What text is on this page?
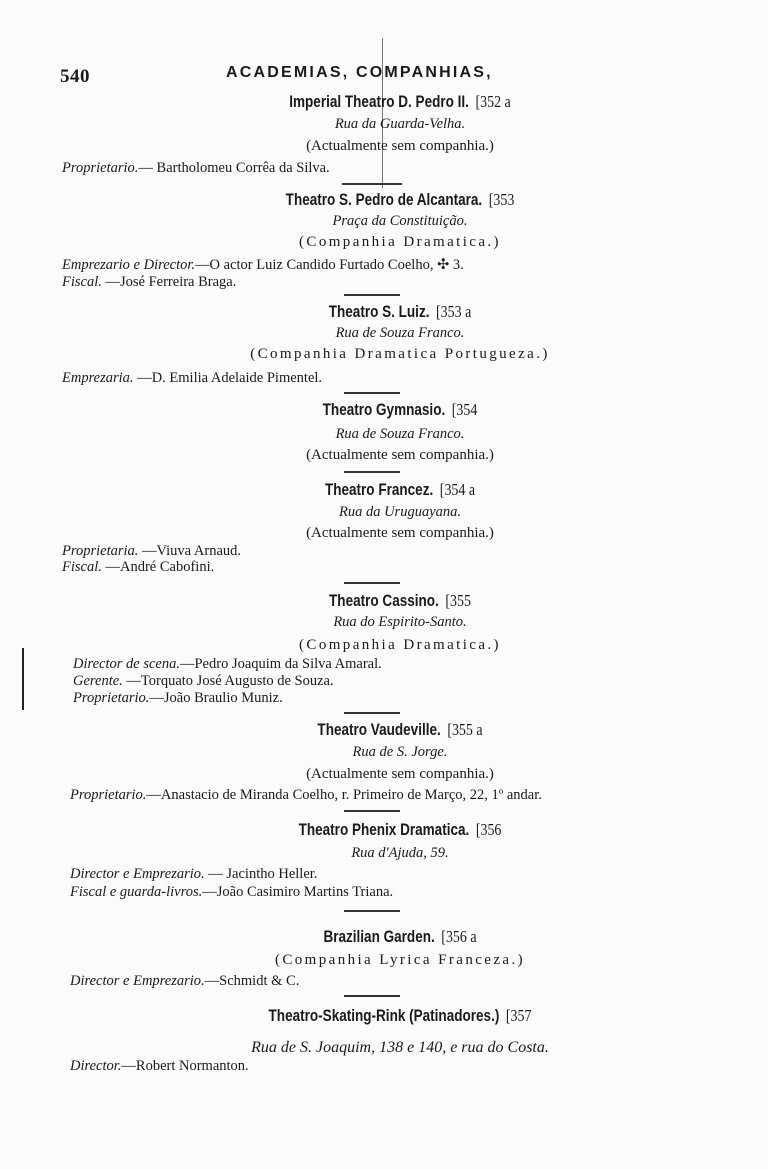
540	ACADEMIAS, COMPANHIAS,
Imperial Theatro D. Pedro II. [352 a
Rua da Guarda-Velha.
(Actualmente sem companhia.)
Proprietario.— Bartholomeu Corrêa da Silva.
Theatro S. Pedro de Alcantara. [353
Praça da Constituição.
(Companhia Dramatica.)
Emprezario e Director.—O actor Luiz Candido Furtado Coelho, ✣ 3.
Fiscal. —José Ferreira Braga.
Theatro S. Luiz. [353 a
Rua de Souza Franco.
(Companhia Dramatica Portugueza.)
Emprezaria. —D. Emilia Adelaide Pimentel.
Theatro Gymnasio. [354
Rua de Souza Franco.
(Actualmente sem companhia.)
Theatro Francez. [354 a
Rua da Uruguayana.
(Actualmente sem companhia.)
Proprietaria. —Viuva Arnaud.
Fiscal. —André Cabofini.
Theatro Cassino. [355
Rua do Espirito-Santo.
(Companhia Dramatica.)
Director de scena.—Pedro Joaquim da Silva Amaral.
Gerente. —Torquato José Augusto de Souza.
Proprietario.—João Braulio Muniz.
Theatro Vaudeville. [355 a
Rua de S. Jorge.
(Actualmente sem companhia.)
Proprietario.—Anastacio de Miranda Coelho, r. Primeiro de Março, 22, 1º andar.
Theatro Phenix Dramatica. [356
Rua d'Ajuda, 59.
Director e Emprezario. — Jacintho Heller.
Fiscal e guarda-livros.—João Casimiro Martins Triana.
Brazilian Garden. [356 a
(Companhia Lyrica Franceza.)
Director e Emprezario.—Schmidt & C.
Theatro-Skating-Rink (Patinadores.) [357
Rua de S. Joaquim, 138 e 140, e rua do Costa.
Director.—Robert Normanton.
